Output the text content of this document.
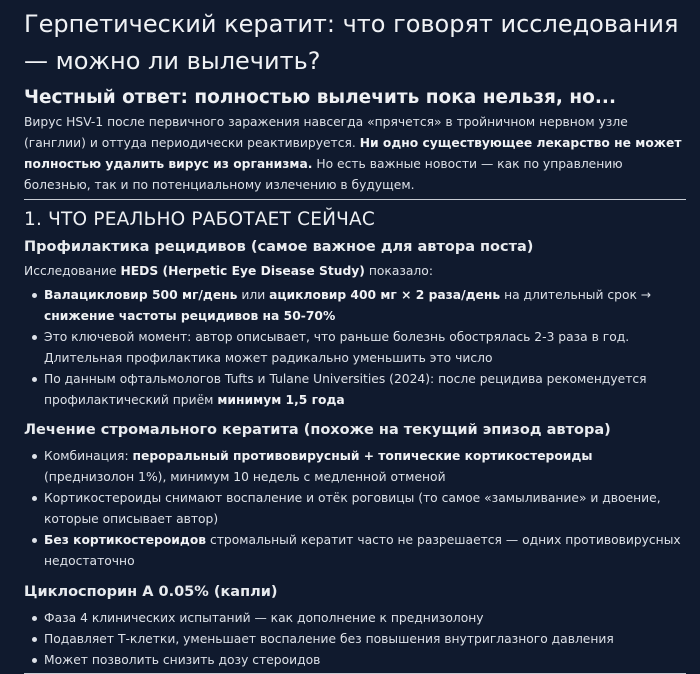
Герпетический кератит: что говорят исследования — можно ли вылечить?
Честный ответ: полностью вылечить пока нельзя, но...

Вирус HSV-1 после первичного заражения навсегда «прячется» в тройничном нервном узле (ганглии) и оттуда периодически реактивируется. Ни одно существующее лекарство не может полностью удалить вирус из организма. Но есть важные новости — как по управлению болезнью, так и по потенциальному излечению в будущем.

1. ЧТО РЕАЛЬНО РАБОТАЕТ СЕЙЧАС
Профилактика рецидивов (самое важное для автора поста)

Исследование HEDS (Herpetic Eye Disease Study) показало:

Валацикловир 500 мг/день или ацикловир 400 мг × 2 раза/день на длительный срок → снижение частоты рецидивов на 50-70%
Это ключевой момент: автор описывает, что раньше болезнь обострялась 2-3 раза в год. Длительная профилактика может радикально уменьшить это число
По данным офтальмологов Tufts и Tulane Universities (2024): после рецидива рекомендуется профилактический приём минимум 1,5 года
Лечение стромального кератита (похоже на текущий эпизод автора)
Комбинация: пероральный противовирусный + топические кортикостероиды (преднизолон 1%), минимум 10 недель с медленной отменой
Кортикостероиды снимают воспаление и отёк роговицы (то самое «замыливание» и двоение, которые описывает автор)
Без кортикостероидов стромальный кератит часто не разрешается — одних противовирусных недостаточно
Циклоспорин А 0.05% (капли)
Фаза 4 клинических испытаний — как дополнение к преднизолону
Подавляет Т-клетки, уменьшает воспаление без повышения внутриглазного давления
Может позволить снизить дозу стероидов
